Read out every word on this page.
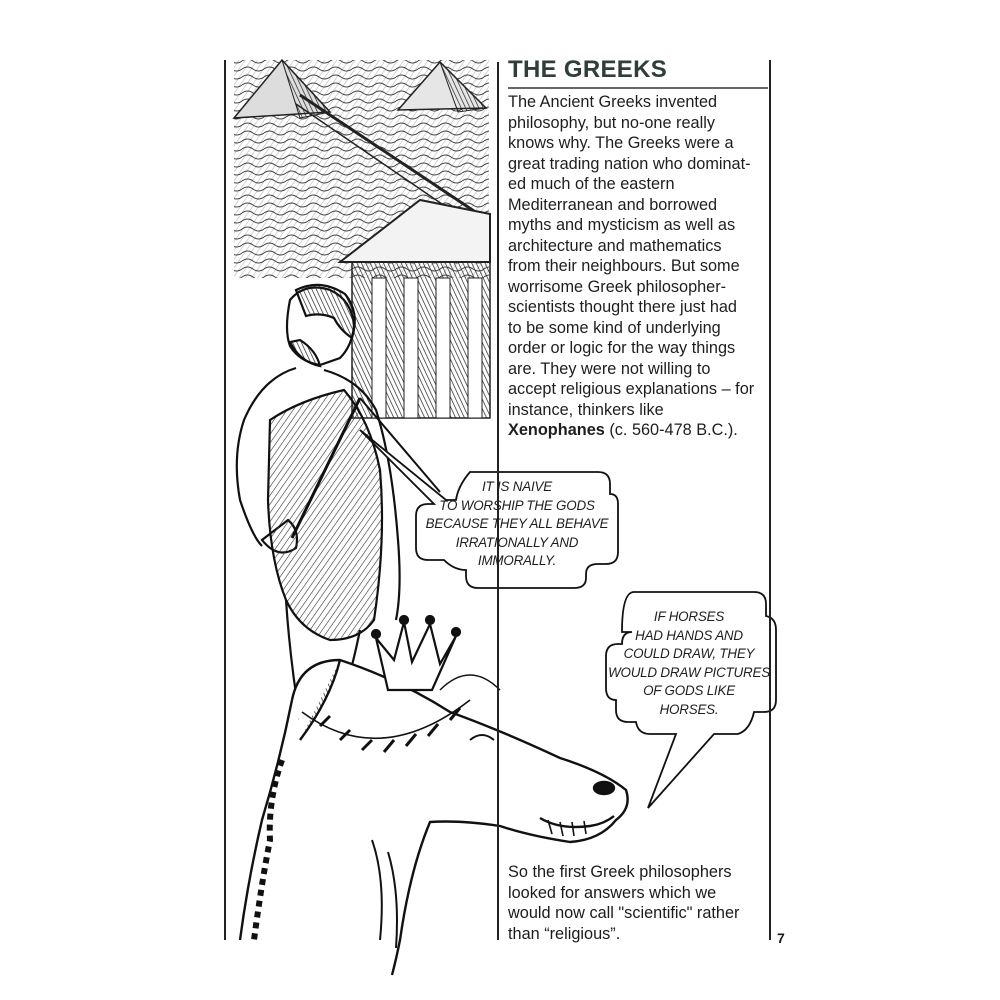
THE GREEKS
The Ancient Greeks invented
philosophy, but no-one really
knows why. The Greeks were a
great trading nation who dominat-
ed much of the eastern
Mediterranean and borrowed
myths and mysticism as well as
architecture and mathematics
from their neighbours. But some
worrisome Greek philosopher-
scientists thought there just had
to be some kind of underlying
order or logic for the way things
are. They were not willing to
accept religious explanations – for
instance, thinkers like
Xenophanes (c. 560-478 B.C.).
IT IS NAIVE
TO WORSHIP THE GODS
BECAUSE THEY ALL BEHAVE
IRRATIONALLY AND
IMMORALLY.
IF HORSES
HAD HANDS AND
COULD DRAW, THEY
WOULD DRAW PICTURES
OF GODS LIKE
HORSES.
So the first Greek philosophers
looked for answers which we
would now call "scientific" rather
than “religious”.	7
